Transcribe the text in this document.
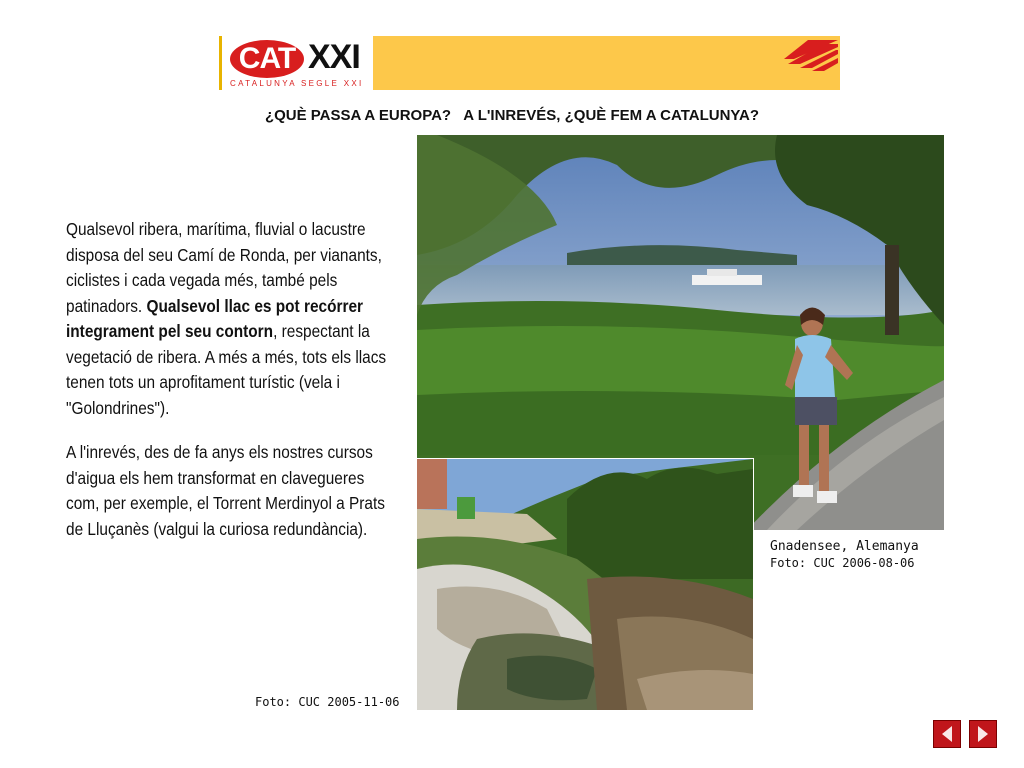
CAT XXI
CATALUNYA SEGLE XXI
¿QUÈ PASSA A EUROPA? A L'INREVÉS, ¿QUÈ FEM A CATALUNYA?

Qualsevol ribera, marítima, fluvial o lacustre disposa del seu Camí de Ronda, per vianants, ciclistes i cada vegada més, també pels patinadors. Qualsevol llac es pot recórrer integrament pel seu contorn, respectant la vegetació de ribera. A més a més, tots els llacs tenen tots un aprofitament turístic (vela i "Golondrines").

A l'inrevés, des de fa anys els nostres cursos d'aigua els hem transformat en clavegueres com, per exemple, el Torrent Merdinyol a Prats de Lluçanès (valgui la curiosa redundància).

Gnadensee, Alemanya
Foto: CUC 2006-08-06
Foto: CUC 2005-11-06
